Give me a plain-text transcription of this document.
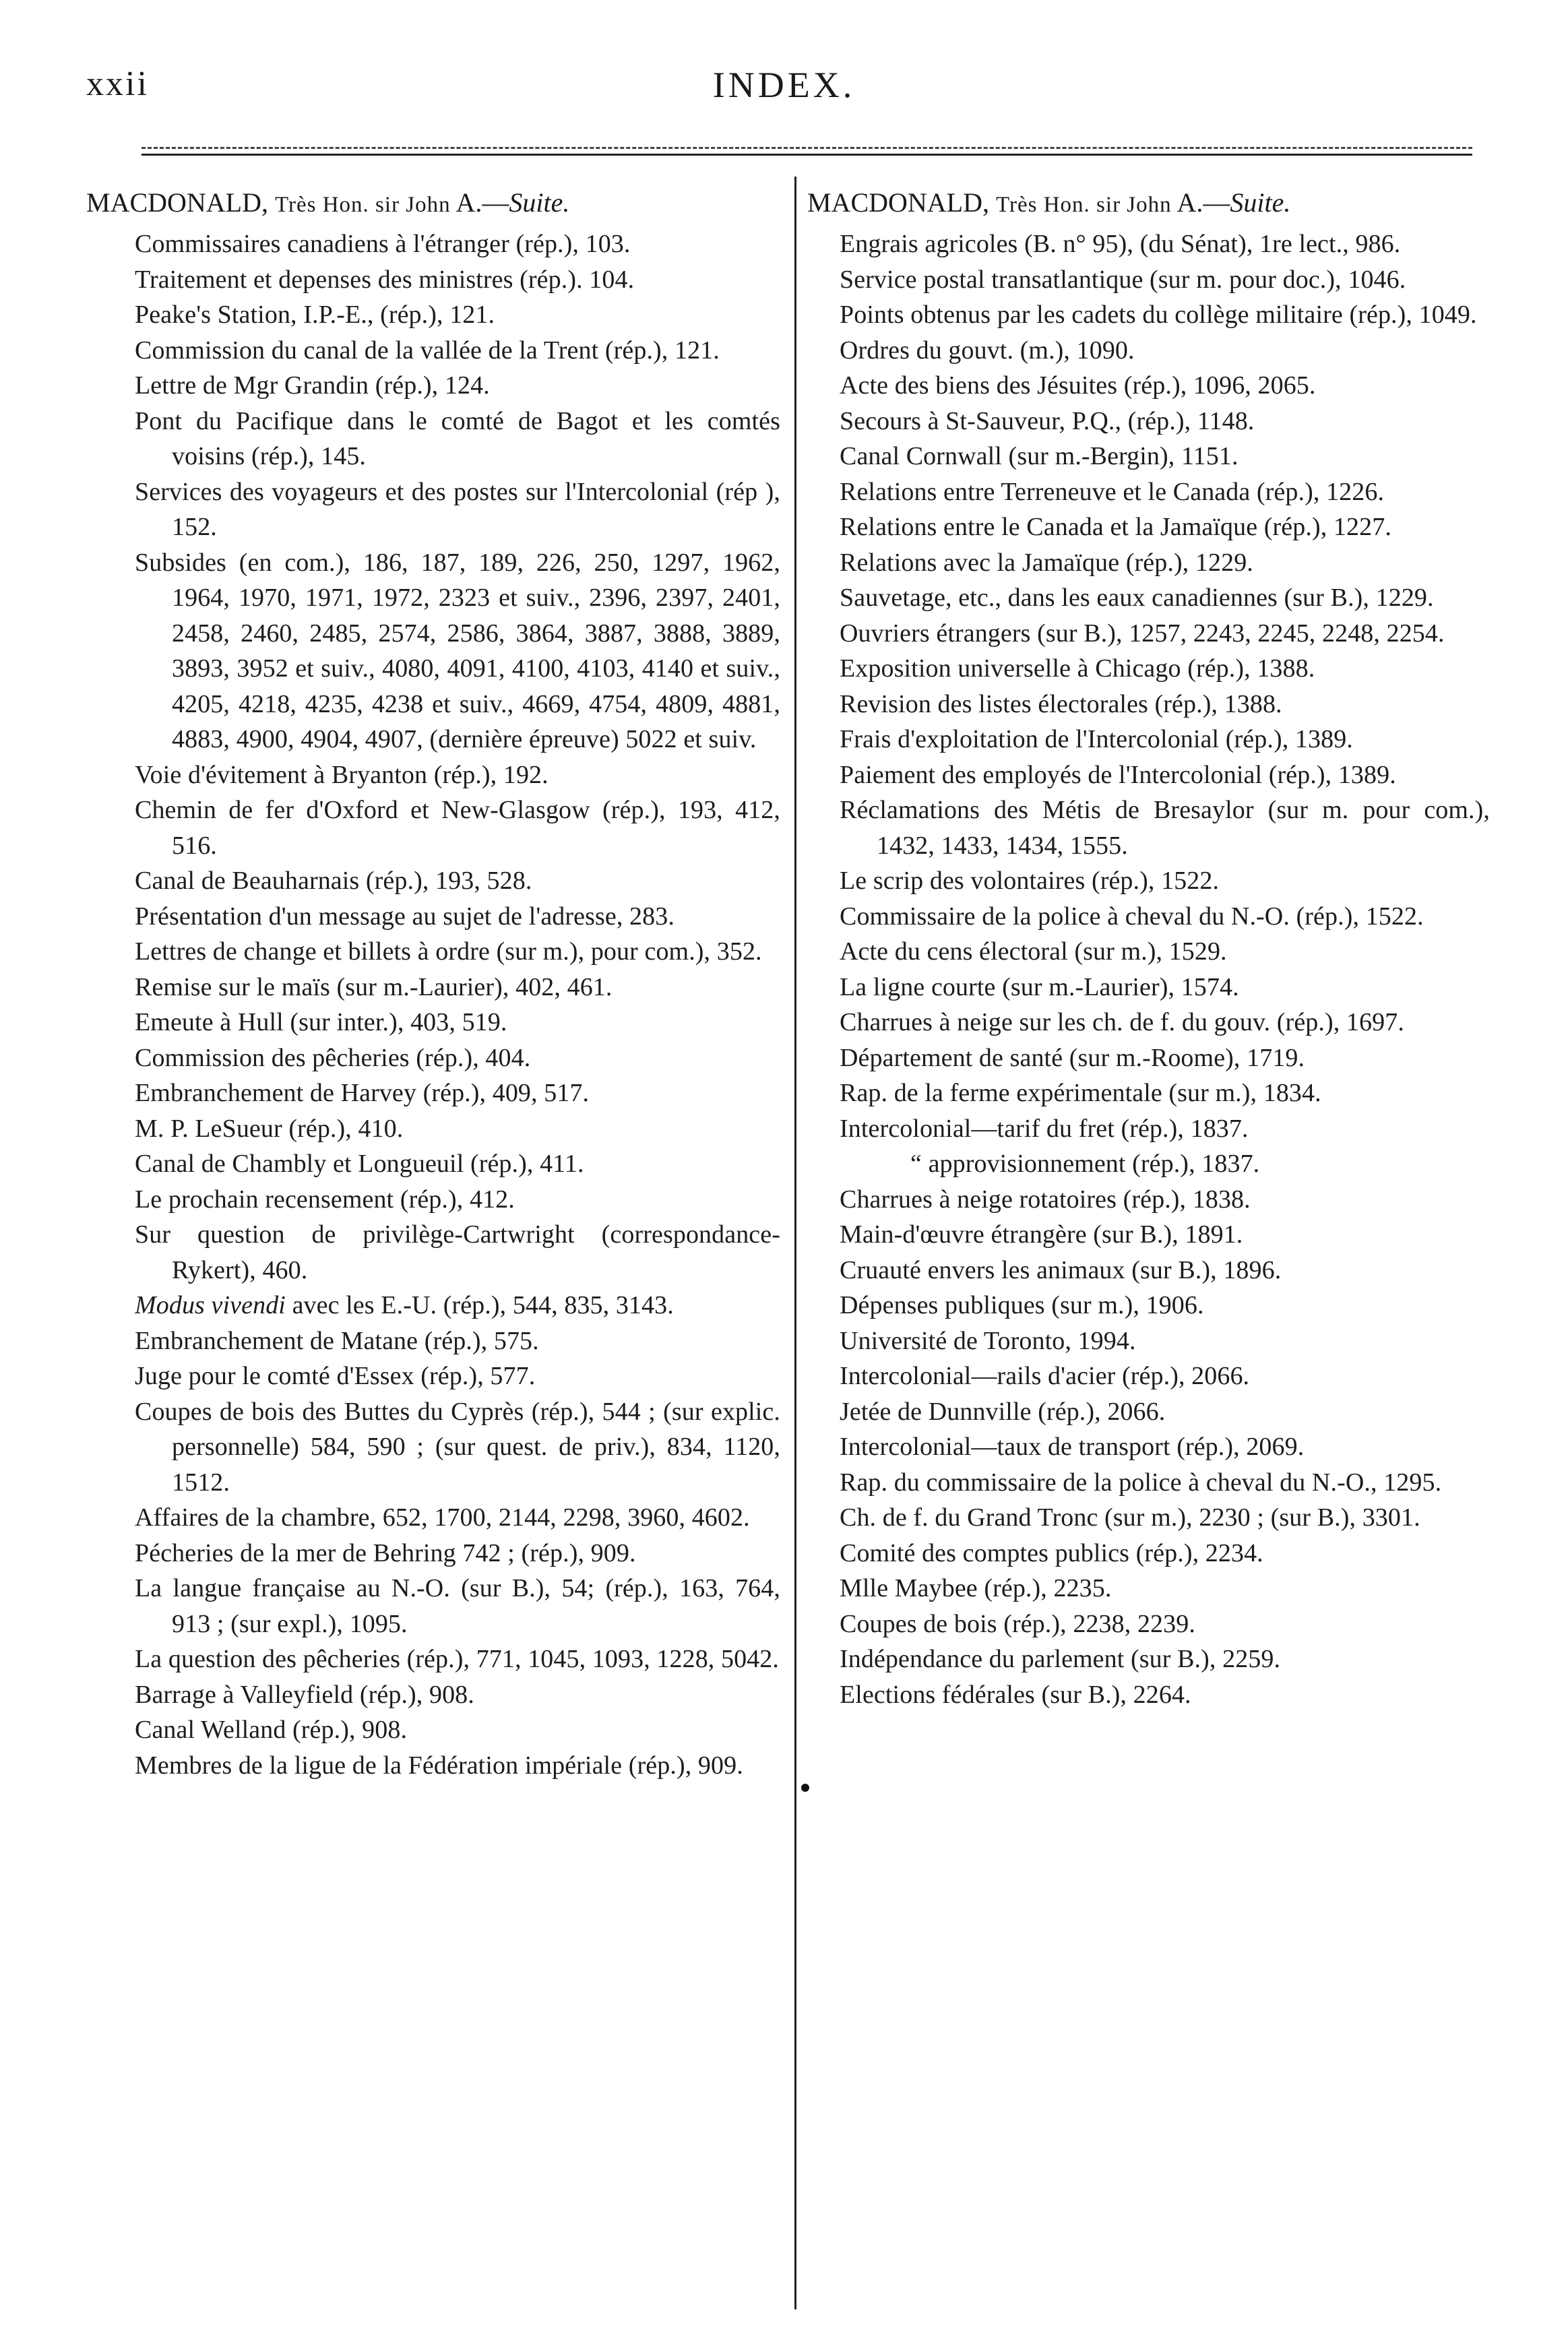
xxii	INDEX.
MACDONALD, Très Hon. sir John A.—Suite.
Commissaires canadiens à l'étranger (rép.), 103.
Traitement et depenses des ministres (rép.). 104.
Peake's Station, I.P.-E., (rép.), 121.
Commission du canal de la vallée de la Trent (rép.), 121.
Lettre de Mgr Grandin (rép.), 124.
Pont du Pacifique dans le comté de Bagot et les comtés voisins (rép.), 145.
Services des voyageurs et des postes sur l'Intercolonial (rép ), 152.
Subsides (en com.), 186, 187, 189, 226, 250, 1297, 1962, 1964, 1970, 1971, 1972, 2323 et suiv., 2396, 2397, 2401, 2458, 2460, 2485, 2574, 2586, 3864, 3887, 3888, 3889, 3893, 3952 et suiv., 4080, 4091, 4100, 4103, 4140 et suiv., 4205, 4218, 4235, 4238 et suiv., 4669, 4754, 4809, 4881, 4883, 4900, 4904, 4907, (dernière épreuve) 5022 et suiv.
Voie d'évitement à Bryanton (rép.), 192.
Chemin de fer d'Oxford et New-Glasgow (rép.), 193, 412, 516.
Canal de Beauharnais (rép.), 193, 528.
Présentation d'un message au sujet de l'adresse, 283.
Lettres de change et billets à ordre (sur m.), pour com.), 352.
Remise sur le maïs (sur m.-Laurier), 402, 461.
Emeute à Hull (sur inter.), 403, 519.
Commission des pêcheries (rép.), 404.
Embranchement de Harvey (rép.), 409, 517.
M. P. LeSueur (rép.), 410.
Canal de Chambly et Longueuil (rép.), 411.
Le prochain recensement (rép.), 412.
Sur question de privilège-Cartwright (correspondance-Rykert), 460.
Modus vivendi avec les E.-U. (rép.), 544, 835, 3143.
Embranchement de Matane (rép.), 575.
Juge pour le comté d'Essex (rép.), 577.
Coupes de bois des Buttes du Cyprès (rép.), 544 ; (sur explic. personnelle) 584, 590 ; (sur quest. de priv.), 834, 1120, 1512.
Affaires de la chambre, 652, 1700, 2144, 2298, 3960, 4602.
Pécheries de la mer de Behring 742 ; (rép.), 909.
La langue française au N.-O. (sur B.), 54; (rép.), 163, 764, 913 ; (sur expl.), 1095.
La question des pêcheries (rép.), 771, 1045, 1093, 1228, 5042.
Barrage à Valleyfield (rép.), 908.
Canal Welland (rép.), 908.
Membres de la ligue de la Fédération impériale (rép.), 909.
MACDONALD, Très Hon. sir John A.—Suite.
Engrais agricoles (B. n° 95), (du Sénat), 1re lect., 986.
Service postal transatlantique (sur m. pour doc.), 1046.
Points obtenus par les cadets du collège militaire (rép.), 1049.
Ordres du gouvt. (m.), 1090.
Acte des biens des Jésuites (rép.), 1096, 2065.
Secours à St-Sauveur, P.Q., (rép.), 1148.
Canal Cornwall (sur m.-Bergin), 1151.
Relations entre Terreneuve et le Canada (rép.), 1226.
Relations entre le Canada et la Jamaïque (rép.), 1227.
Relations avec la Jamaïque (rép.), 1229.
Sauvetage, etc., dans les eaux canadiennes (sur B.), 1229.
Ouvriers étrangers (sur B.), 1257, 2243, 2245, 2248, 2254.
Exposition universelle à Chicago (rép.), 1388.
Revision des listes électorales (rép.), 1388.
Frais d'exploitation de l'Intercolonial (rép.), 1389.
Paiement des employés de l'Intercolonial (rép.), 1389.
Réclamations des Métis de Bresaylor (sur m. pour com.), 1432, 1433, 1434, 1555.
Le scrip des volontaires (rép.), 1522.
Commissaire de la police à cheval du N.-O. (rép.), 1522.
Acte du cens électoral (sur m.), 1529.
La ligne courte (sur m.-Laurier), 1574.
Charrues à neige sur les ch. de f. du gouv. (rép.), 1697.
Département de santé (sur m.-Roome), 1719.
Rap. de la ferme expérimentale (sur m.), 1834.
Intercolonial—tarif du fret (rép.), 1837.
“ approvisionnement (rép.), 1837.
Charrues à neige rotatoires (rép.), 1838.
Main-d'œuvre étrangère (sur B.), 1891.
Cruauté envers les animaux (sur B.), 1896.
Dépenses publiques (sur m.), 1906.
Université de Toronto, 1994.
Intercolonial—rails d'acier (rép.), 2066.
Jetée de Dunnville (rép.), 2066.
Intercolonial—taux de transport (rép.), 2069.
Rap. du commissaire de la police à cheval du N.-O., 1295.
Ch. de f. du Grand Tronc (sur m.), 2230 ; (sur B.), 3301.
Comité des comptes publics (rép.), 2234.
Mlle Maybee (rép.), 2235.
Coupes de bois (rép.), 2238, 2239.
Indépendance du parlement (sur B.), 2259.
Elections fédérales (sur B.), 2264.
